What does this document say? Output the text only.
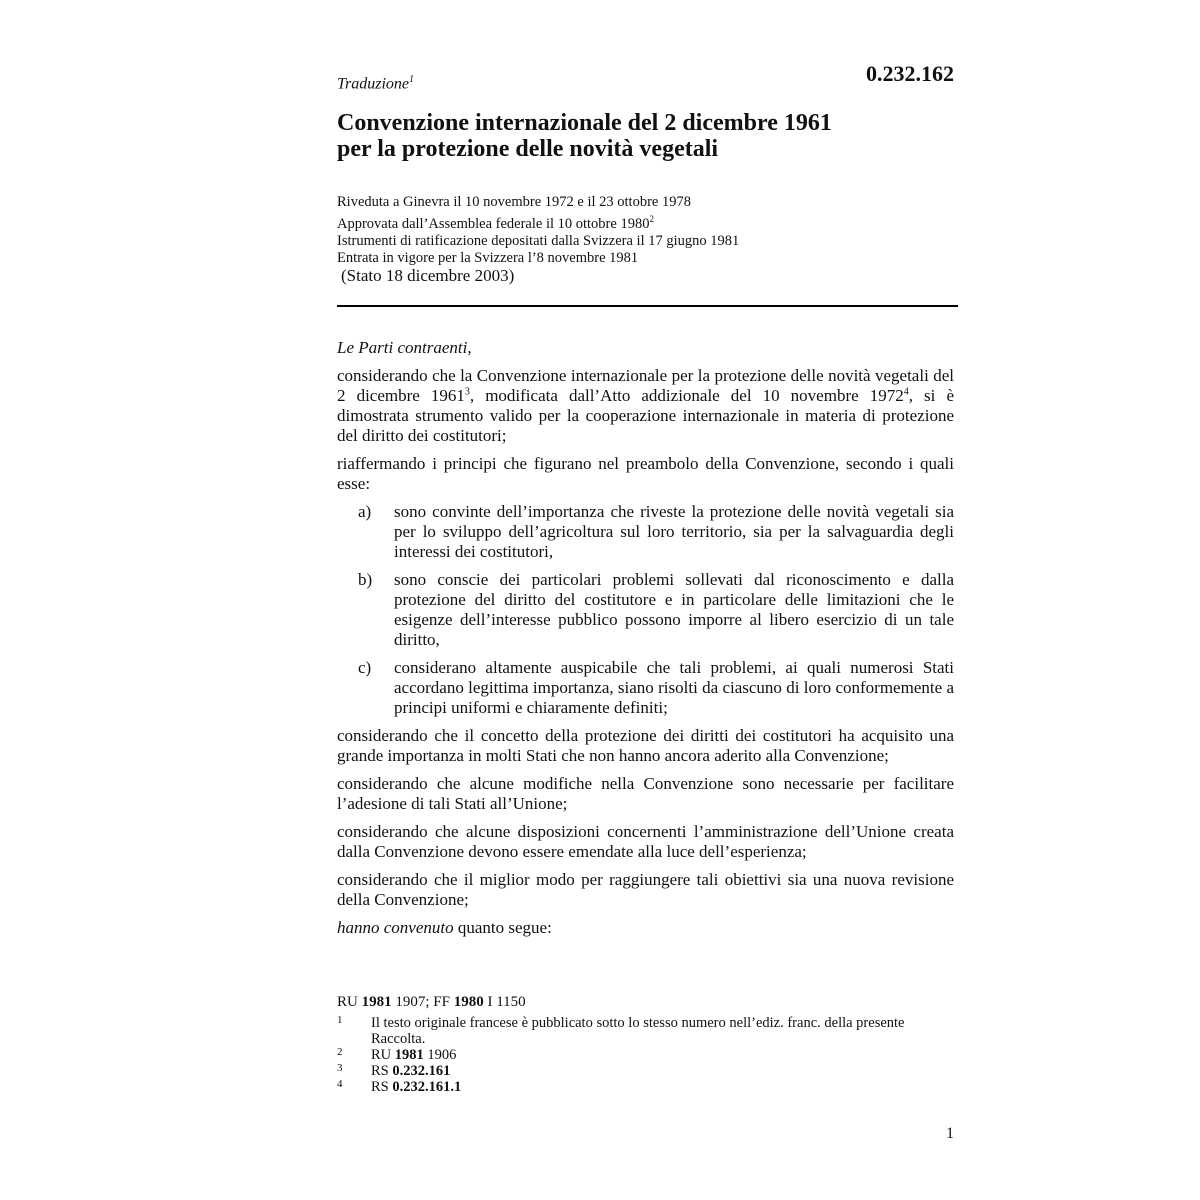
Traduzione$^1$	0.232.162
Convenzione internazionale del 2 dicembre 1961
per la protezione delle novità vegetali
Riveduta a Ginevra il 10 novembre 1972 e il 23 ottobre 1978
Approvata dall’Assemblea federale il 10 ottobre 1980$^2$
Istrumenti di ratificazione depositati dalla Svizzera il 17 giugno 1981
Entrata in vigore per la Svizzera l’8 novembre 1981
(Stato 18 dicembre 2003)

Le Parti contraenti,

considerando che la Convenzione internazionale per la protezione delle novità vegetali del 2 dicembre 1961$^3$, modificata dall’Atto addizionale del 10 novembre 1972$^4$, si è dimostrata strumento valido per la cooperazione internazionale in materia di protezione del diritto dei costitutori;

riaffermando i principi che figurano nel preambolo della Convenzione, secondo i quali esse:

a) sono convinte dell’importanza che riveste la protezione delle novità vegetali sia per lo sviluppo dell’agricoltura sul loro territorio, sia per la salvaguardia degli interessi dei costitutori,
b) sono conscie dei particolari problemi sollevati dal riconoscimento e dalla protezione del diritto del costitutore e in particolare delle limitazioni che le esigenze dell’interesse pubblico possono imporre al libero esercizio di un tale diritto,
c) considerano altamente auspicabile che tali problemi, ai quali numerosi Stati accordano legittima importanza, siano risolti da ciascuno di loro conformemente a principi uniformi e chiaramente definiti;

considerando che il concetto della protezione dei diritti dei costitutori ha acquisito una grande importanza in molti Stati che non hanno ancora aderito alla Convenzione;

considerando che alcune modifiche nella Convenzione sono necessarie per facilitare l’adesione di tali Stati all’Unione;

considerando che alcune disposizioni concernenti l’amministrazione dell’Unione creata dalla Convenzione devono essere emendate alla luce dell’esperienza;

considerando che il miglior modo per raggiungere tali obiettivi sia una nuova revisione della Convenzione;

hanno convenuto quanto segue:

RU 1981 1907; FF 1980 I 1150
1 Il testo originale francese è pubblicato sotto lo stesso numero nell’ediz. franc. della presente Raccolta.
2 RU 1981 1906
3 RS 0.232.161
4 RS 0.232.161.1
1
